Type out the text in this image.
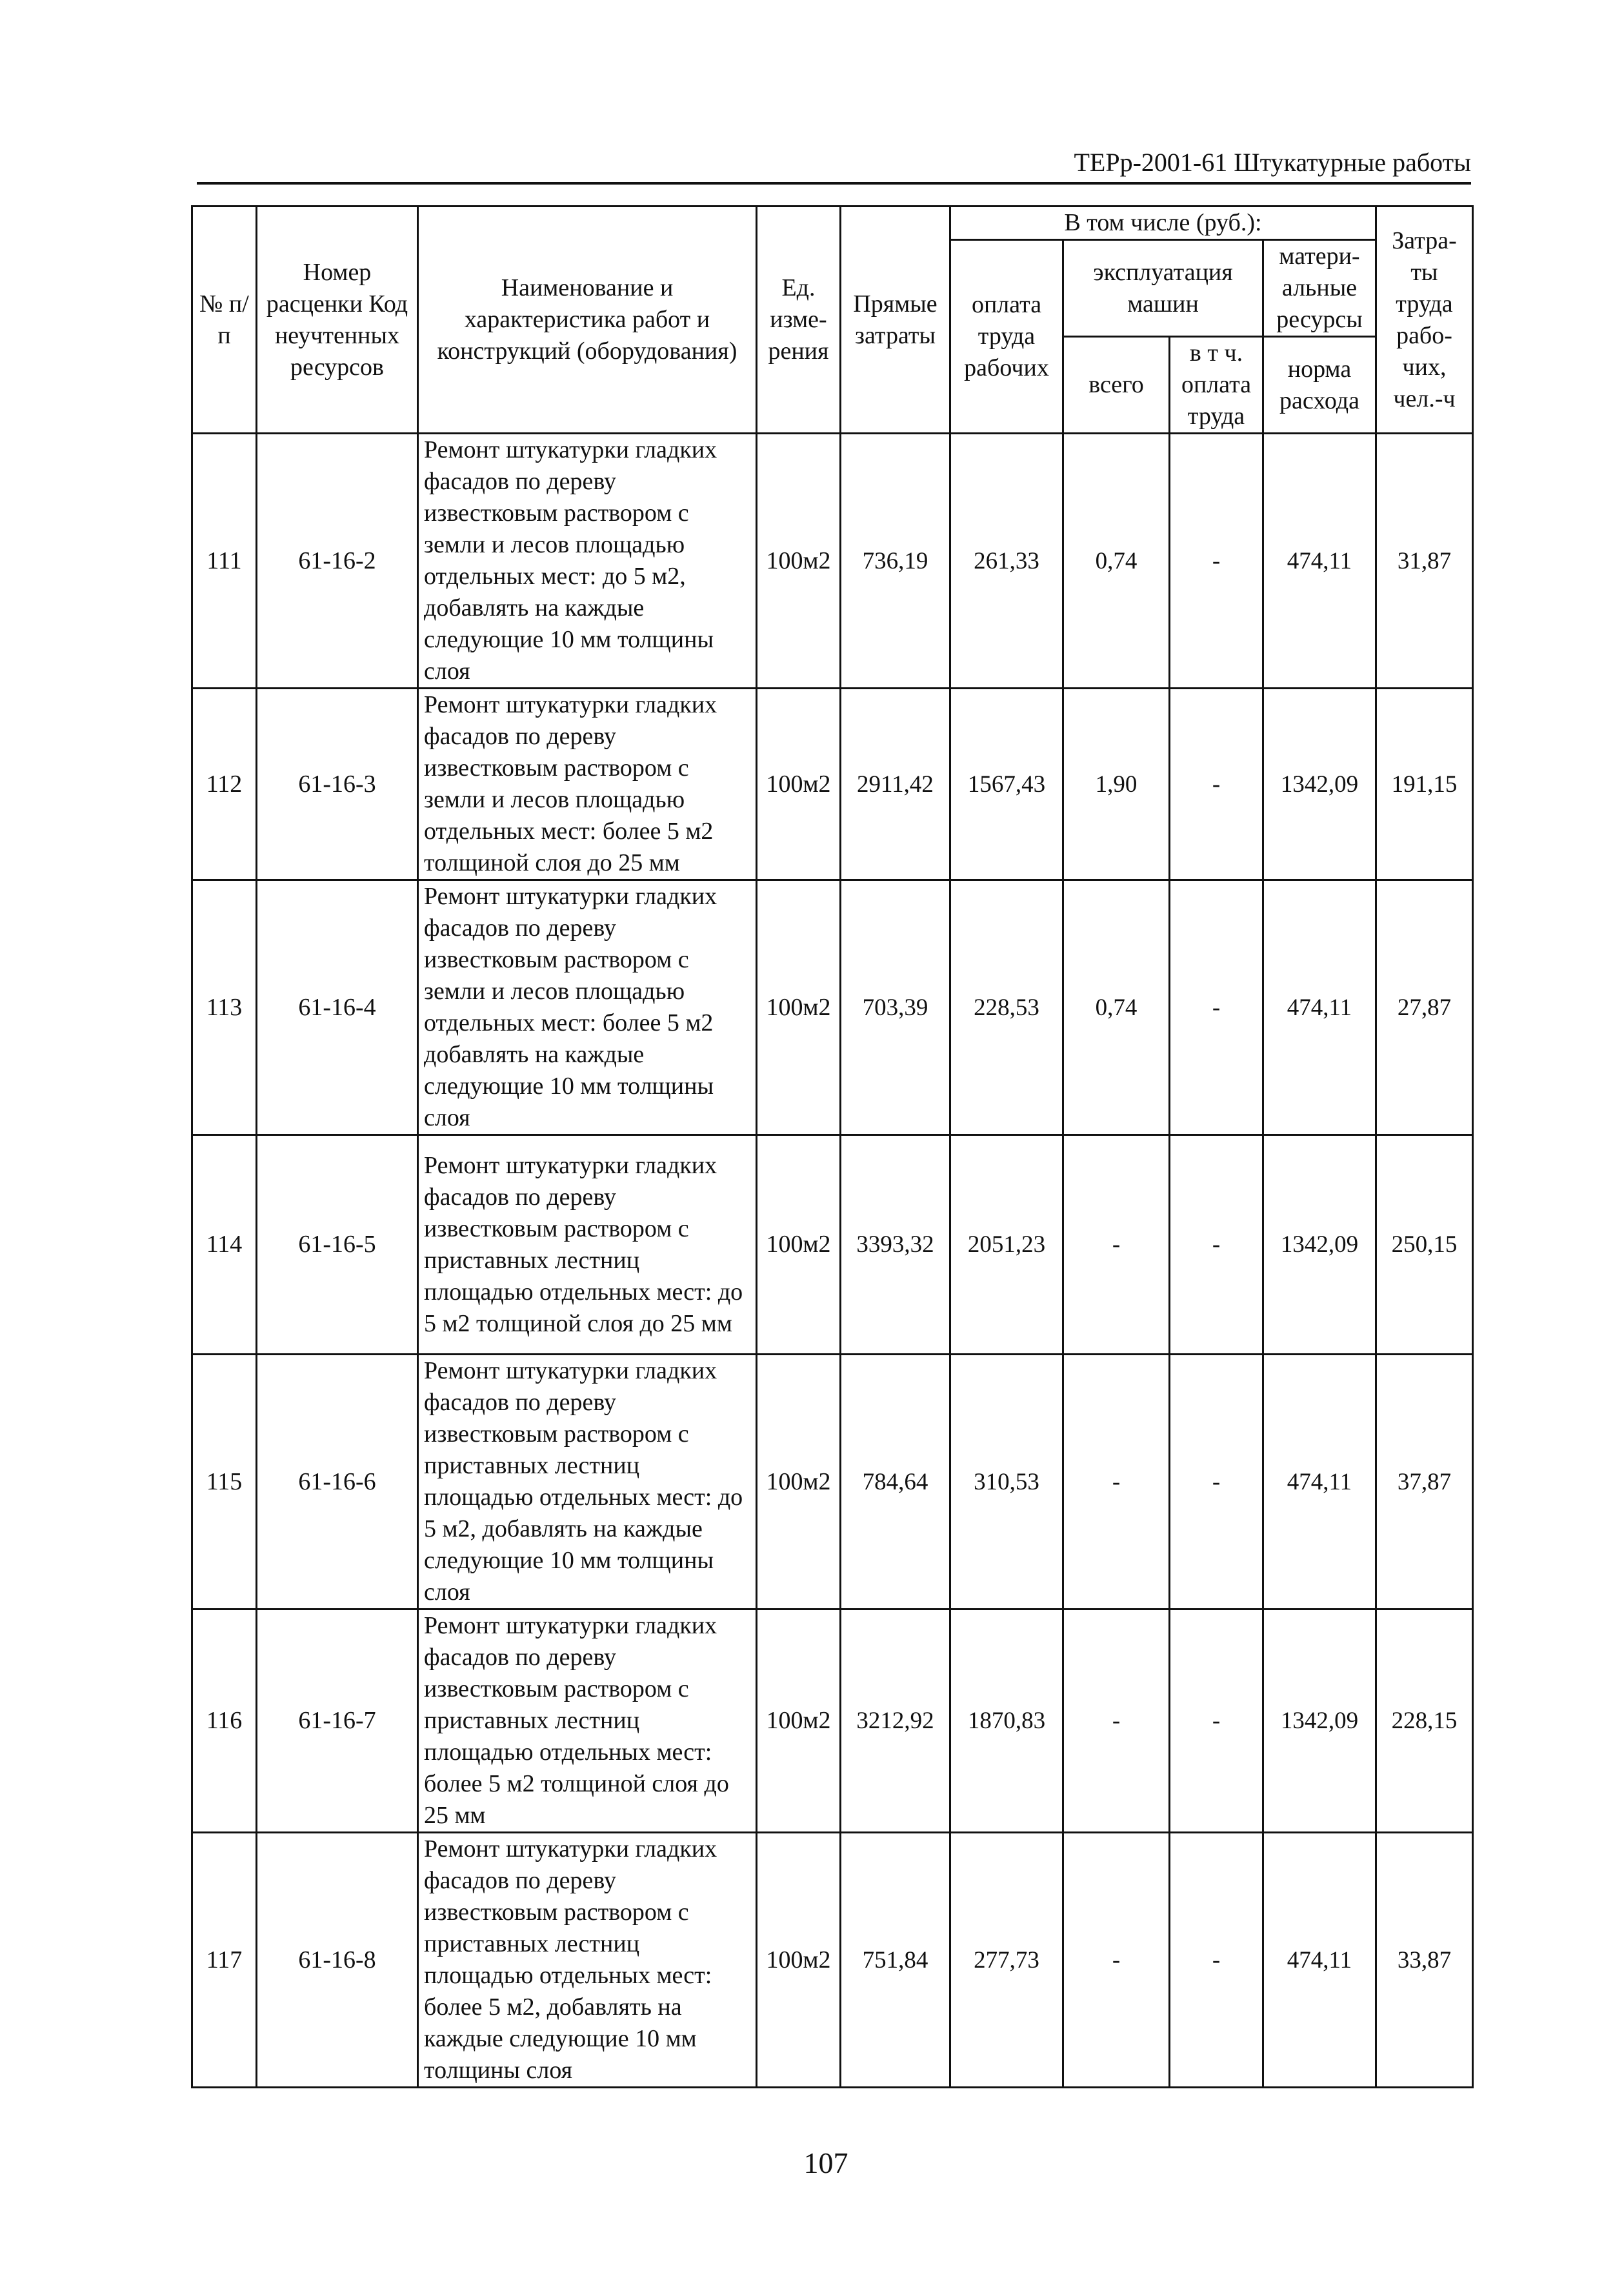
ТЕРр-2001-61 Штукатурные работы
№ п/п	Номер расценки Код неучтенных ресурсов	Наименование и характеристика работ и конструкций (оборудования)	Ед. изме-рения	Прямые затраты	В том числе (руб.):				Затра-ты труда рабо-чих, чел.-ч
					оплата труда рабочих	эксплуатация машин		матери-альные ресурсы	
						всего	в т ч. оплата труда	норма расхода	

111	61-16-2	Ремонт штукатурки гладких фасадов по дереву известковым раствором с земли и лесов площадью отдельных мест: до 5 м2, добавлять на каждые следующие 10 мм толщины слоя	100м2	736,19	261,33	0,74	-	474,11	31,87
112	61-16-3	Ремонт штукатурки гладких фасадов по дереву известковым раствором с земли и лесов площадью отдельных мест: более 5 м2 толщиной слоя до 25 мм	100м2	2911,42	1567,43	1,90	-	1342,09	191,15
113	61-16-4	Ремонт штукатурки гладких фасадов по дереву известковым раствором с земли и лесов площадью отдельных мест: более 5 м2 добавлять на каждые следующие 10 мм толщины слоя	100м2	703,39	228,53	0,74	-	474,11	27,87
114	61-16-5	Ремонт штукатурки гладких фасадов по дереву известковым раствором с приставных лестниц площадью отдельных мест: до 5 м2 толщиной слоя до 25 мм	100м2	3393,32	2051,23	-	-	1342,09	250,15
115	61-16-6	Ремонт штукатурки гладких фасадов по дереву известковым раствором с приставных лестниц площадью отдельных мест: до 5 м2, добавлять на каждые следующие 10 мм толщины слоя	100м2	784,64	310,53	-	-	474,11	37,87
116	61-16-7	Ремонт штукатурки гладких фасадов по дереву известковым раствором с приставных лестниц площадью отдельных мест: более 5 м2 толщиной слоя до 25 мм	100м2	3212,92	1870,83	-	-	1342,09	228,15
117	61-16-8	Ремонт штукатурки гладких фасадов по дереву известковым раствором с приставных лестниц площадью отдельных мест: более 5 м2, добавлять на каждые следующие 10 мм толщины слоя	100м2	751,84	277,73	-	-	474,11	33,87
107
